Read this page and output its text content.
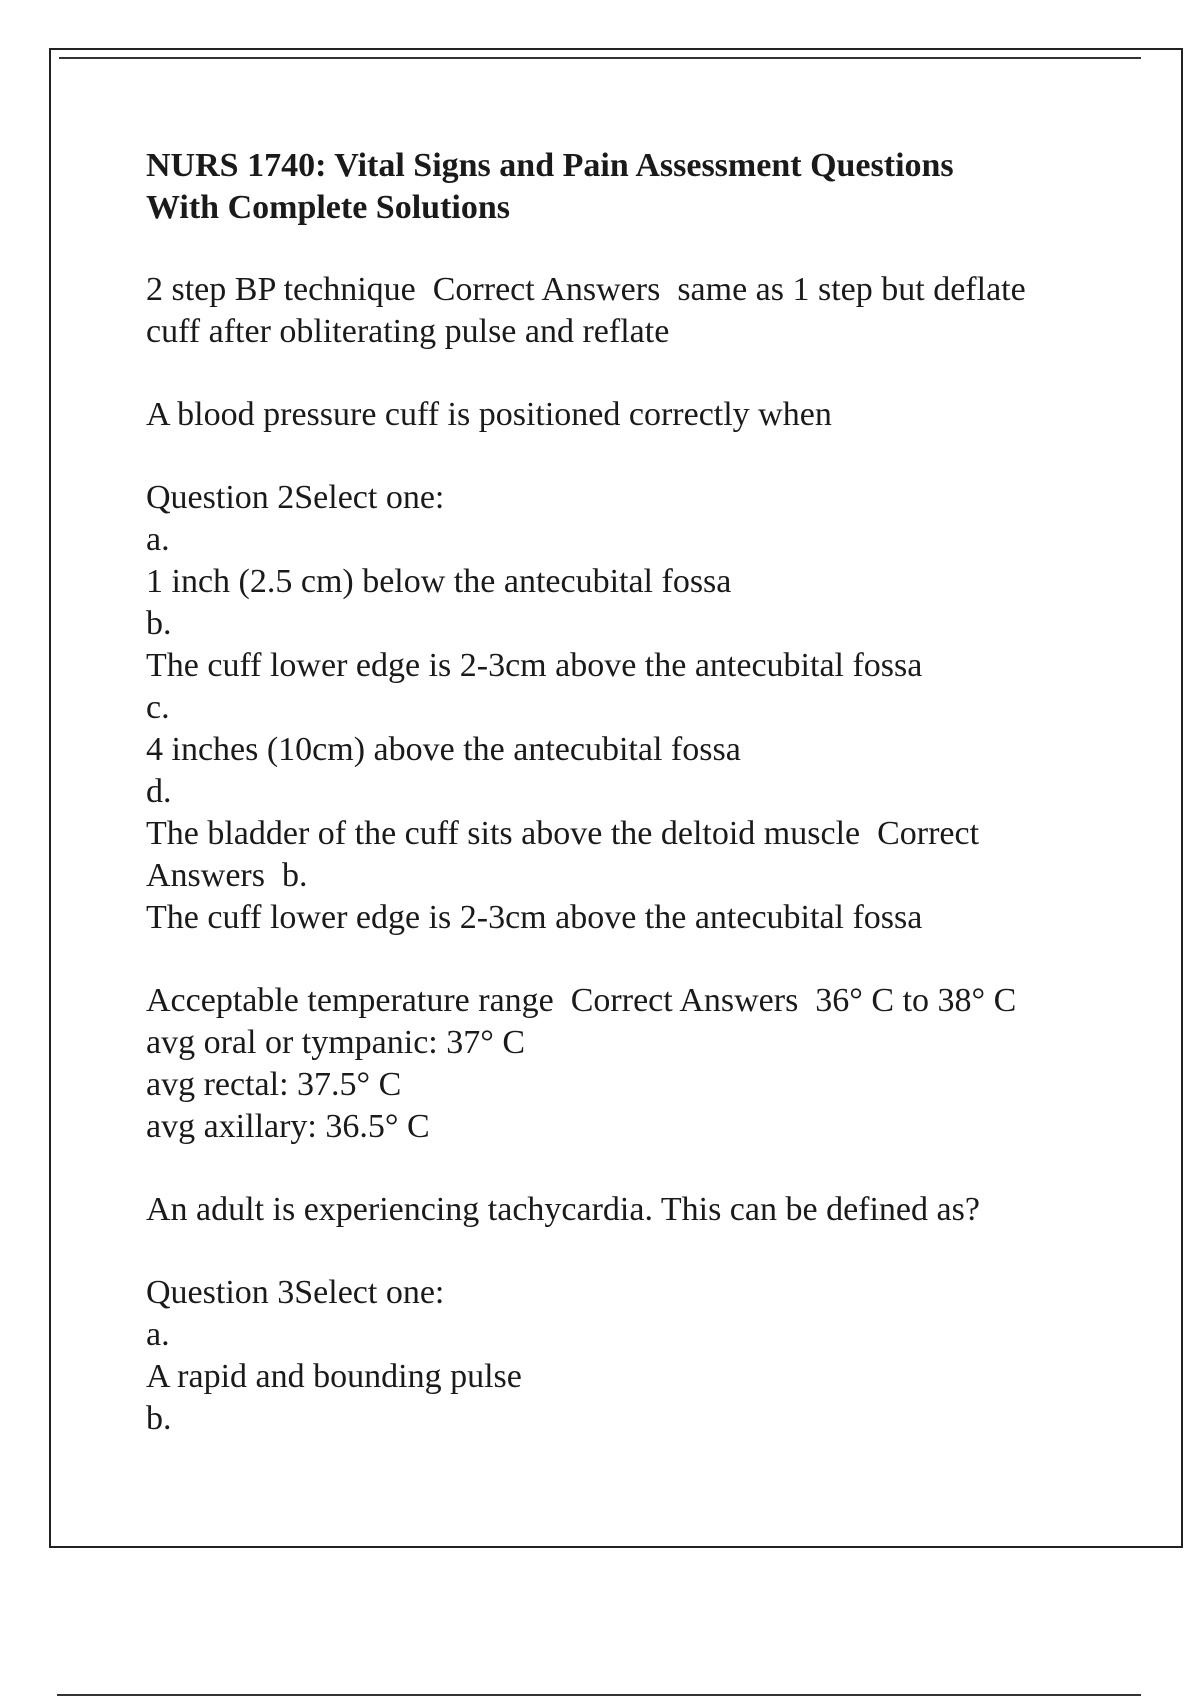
NURS 1740: Vital Signs and Pain Assessment Questions
With Complete Solutions
2 step BP technique  Correct Answers  same as 1 step but deflate
cuff after obliterating pulse and reflate
A blood pressure cuff is positioned correctly when
Question 2Select one:
a.
1 inch (2.5 cm) below the antecubital fossa
b.
The cuff lower edge is 2-3cm above the antecubital fossa
c.
4 inches (10cm) above the antecubital fossa
d.
The bladder of the cuff sits above the deltoid muscle  Correct
Answers  b.
The cuff lower edge is 2-3cm above the antecubital fossa
Acceptable temperature range  Correct Answers  36° C to 38° C
avg oral or tympanic: 37° C
avg rectal: 37.5° C
avg axillary: 36.5° C
An adult is experiencing tachycardia. This can be defined as?
Question 3Select one:
a.
A rapid and bounding pulse
b.
